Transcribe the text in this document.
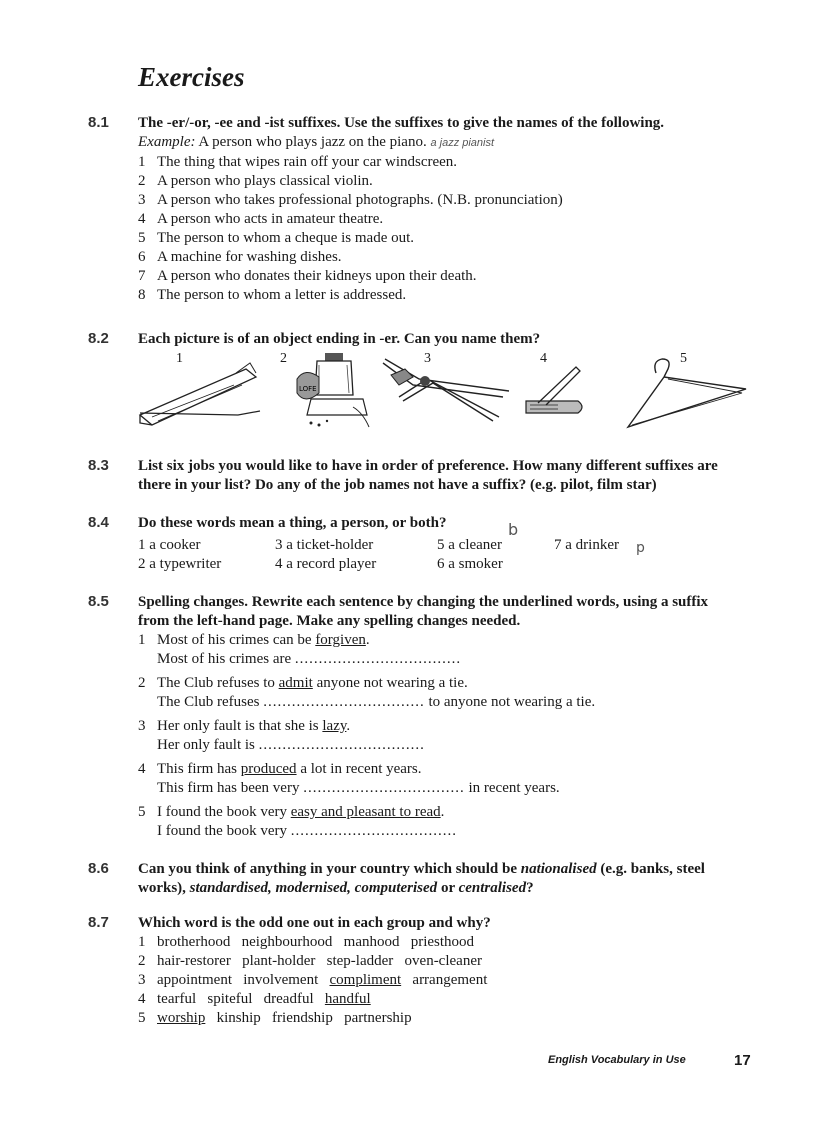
Exercises
8.1 The -er/-or, -ee and -ist suffixes. Use the suffixes to give the names of the following.
Example: A person who plays jazz on the piano. a jazz pianist
1 The thing that wipes rain off your car windscreen.
2 A person who plays classical violin.
3 A person who takes professional photographs. (N.B. pronunciation)
4 A person who acts in amateur theatre.
5 The person to whom a cheque is made out.
6 A machine for washing dishes.
7 A person who donates their kidneys upon their death.
8 The person to whom a letter is addressed.
8.2 Each picture is of an object ending in -er. Can you name them?
1	2	3	4	5
LOFE
8.3 List six jobs you would like to have in order of preference. How many different suffixes are
there in your list? Do any of the job names not have a suffix? (e.g. pilot, film star)
8.4 Do these words mean a thing, a person, or both?
1 a cooker	3 a ticket-holder	5 a cleaner	7 a drinker
2 a typewriter	4 a record player	6 a smoker
b
p
8.5 Spelling changes. Rewrite each sentence by changing the underlined words, using a suffix
from the left-hand page. Make any spelling changes needed.
1 Most of his crimes can be forgiven.
Most of his crimes are ...................................
2 The Club refuses to admit anyone not wearing a tie.
The Club refuses .................................. to anyone not wearing a tie.
3 Her only fault is that she is lazy.
Her only fault is ...................................
4 This firm has produced a lot in recent years.
This firm has been very .................................. in recent years.
5 I found the book very easy and pleasant to read.
I found the book very ...................................
8.6 Can you think of anything in your country which should be nationalised (e.g. banks, steel
works), standardised, modernised, computerised or centralised?
8.7 Which word is the odd one out in each group and why?
1 brotherhood neighbourhood manhood priesthood
2 hair-restorer plant-holder step-ladder oven-cleaner
3 appointment involvement compliment arrangement
4 tearful spiteful dreadful handful
5 worship kinship friendship partnership
English Vocabulary in Use	17
